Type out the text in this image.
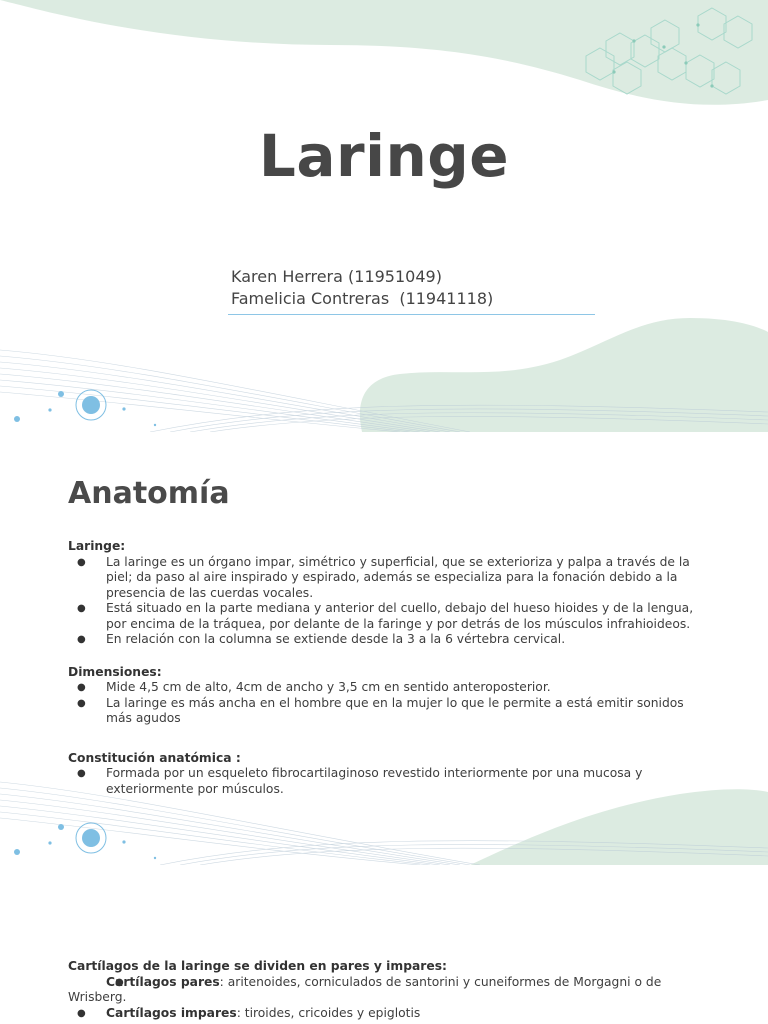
Laringe
Karen Herrera (11951049)
Famelicia Contreras  (11941118)
Anatomía
Laringe:
● La laringe es un órgano impar, simétrico y superficial, que se exterioriza y palpa a través de la piel; da paso al aire inspirado y espirado, además se especializa para la fonación debido a la presencia de las cuerdas vocales.
● Está situado en la parte mediana y anterior del cuello, debajo del hueso hioides y de la lengua, por encima de la tráquea, por delante de la faringe y por detrás de los músculos infrahioideos.
● En relación con la columna se extiende desde la 3 a la 6 vértebra cervical.
Dimensiones:
● Mide 4,5 cm de alto, 4cm de ancho y 3,5 cm en sentido anteroposterior.
● La laringe es más ancha en el hombre que en la mujer lo que le permite a está emitir sonidos más agudos
Constitución anatómica :
● Formada por un esqueleto fibrocartilaginoso revestido interiormente por una mucosa y exteriormente por músculos.
Cartílagos de la laringe se dividen en pares y impares:
● Cartílagos pares: aritenoides, corniculados de santorini y cuneiformes de Morgagni o de Wrisberg.
● Cartílagos impares: tiroides, cricoides y epiglotis
